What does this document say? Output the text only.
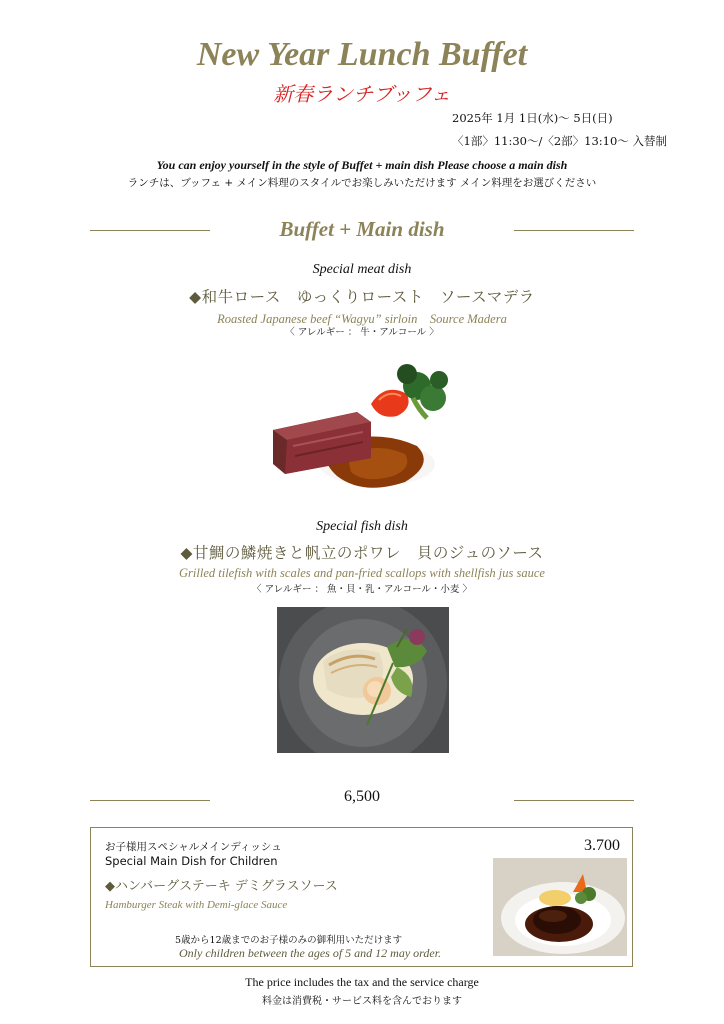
New Year Lunch Buffet
新春ランチブッフェ
2025年 1月 1日(水)〜 5日(日)
〈1部〉11:30〜/〈2部〉13:10〜 入替制
You can enjoy yourself in the style of Buffet + main dish Please choose a main dish
ランチは、ブッフェ + メイン料理のスタイルでお楽しみいただけます メイン料理をお選びください
Buffet + Main dish
Special meat dish
◆和牛ロース　ゆっくりロースト　ソースマデラ
Roasted Japanese beef “Wagyu” sirloin　Source Madera
〈 アレルギー ： 牛・アルコール 〉
Special fish dish
◆甘鯛の鱗焼きと帆立のポワレ　貝のジュのソース
Grilled tilefish with scales and pan-fried scallops with shellfish jus sauce
〈 アレルギー ： 魚・貝・乳・アルコール・小麦 〉
6,500
お子様用スペシャルメインディッシュ
Special Main Dish for Children
3.700
◆ハンバーグステーキ デミグラスソース
Hamburger Steak with Demi-glace Sauce
5歳から12歳までのお子様のみの御利用いただけます
Only children between the ages of 5 and 12 may order.
The price includes the tax and the service charge
料金は消費税・サービス料を含んでおります
